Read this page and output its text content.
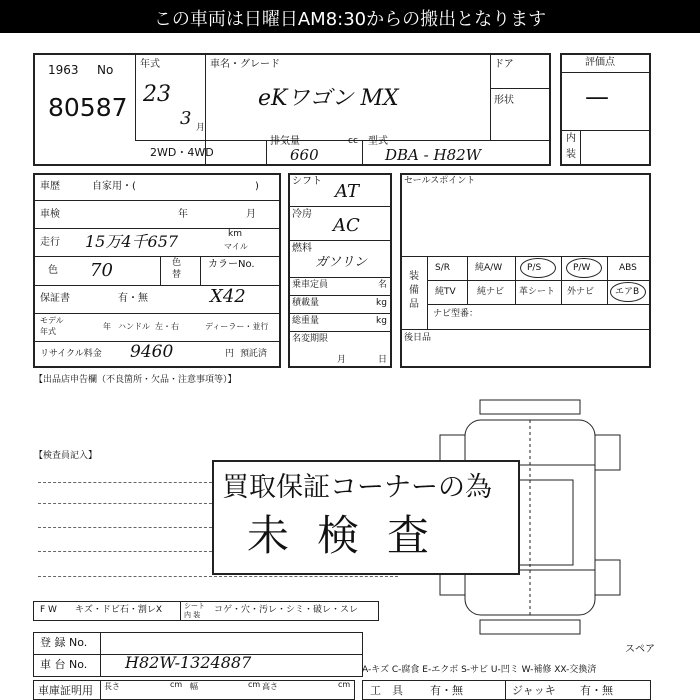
この車両は日曜日AM8:30からの搬出となります
1963 No
80587
年式
23
3 月
車名・グレード
eKワゴン MX
ドア
形状
2WD・4WD
排気量	cc
660
型式
DBA - H82W
評価点
—
内
装
車歴	自家用・(	)
車検	年	月
走行 15万4千657	km
マイル
色 70	色
替
カラーNo.
X42
保証書	有・無
モデル
年式
年 ハンドル 左・右	ディーラー・並行
リサイクル料金 9460	円 預託済
シフト AT
冷房
AC
燃料
ガソリン
乗車定員	名
積載量	kg
総重量	kg
名変期限
月	日
セールスポイント
装備品
S/R	純A/W	P/S	P/W	ABS
純TV 純ナビ 革シート 外ナビ エアB
ナビ型番：
後日品
【出品店申告欄（不良箇所・欠品・注意事項等）】
【検査員記入】
買取保証コーナーの為
未検査
F W キズ・ドビ石・割レX	シート
内 装 コゲ・穴・汚レ・シミ・破レ・スレ
登 録 No.
車 台 No. H82W-1324887
車庫証明用 長さ	cm 幅	cm 高さ	cm
スペア
A-キズ C-腐食 E-エクボ S-サビ U-凹ミ W-補修 XX-交換済
工　具 有・無	ジャッキ 有・無
